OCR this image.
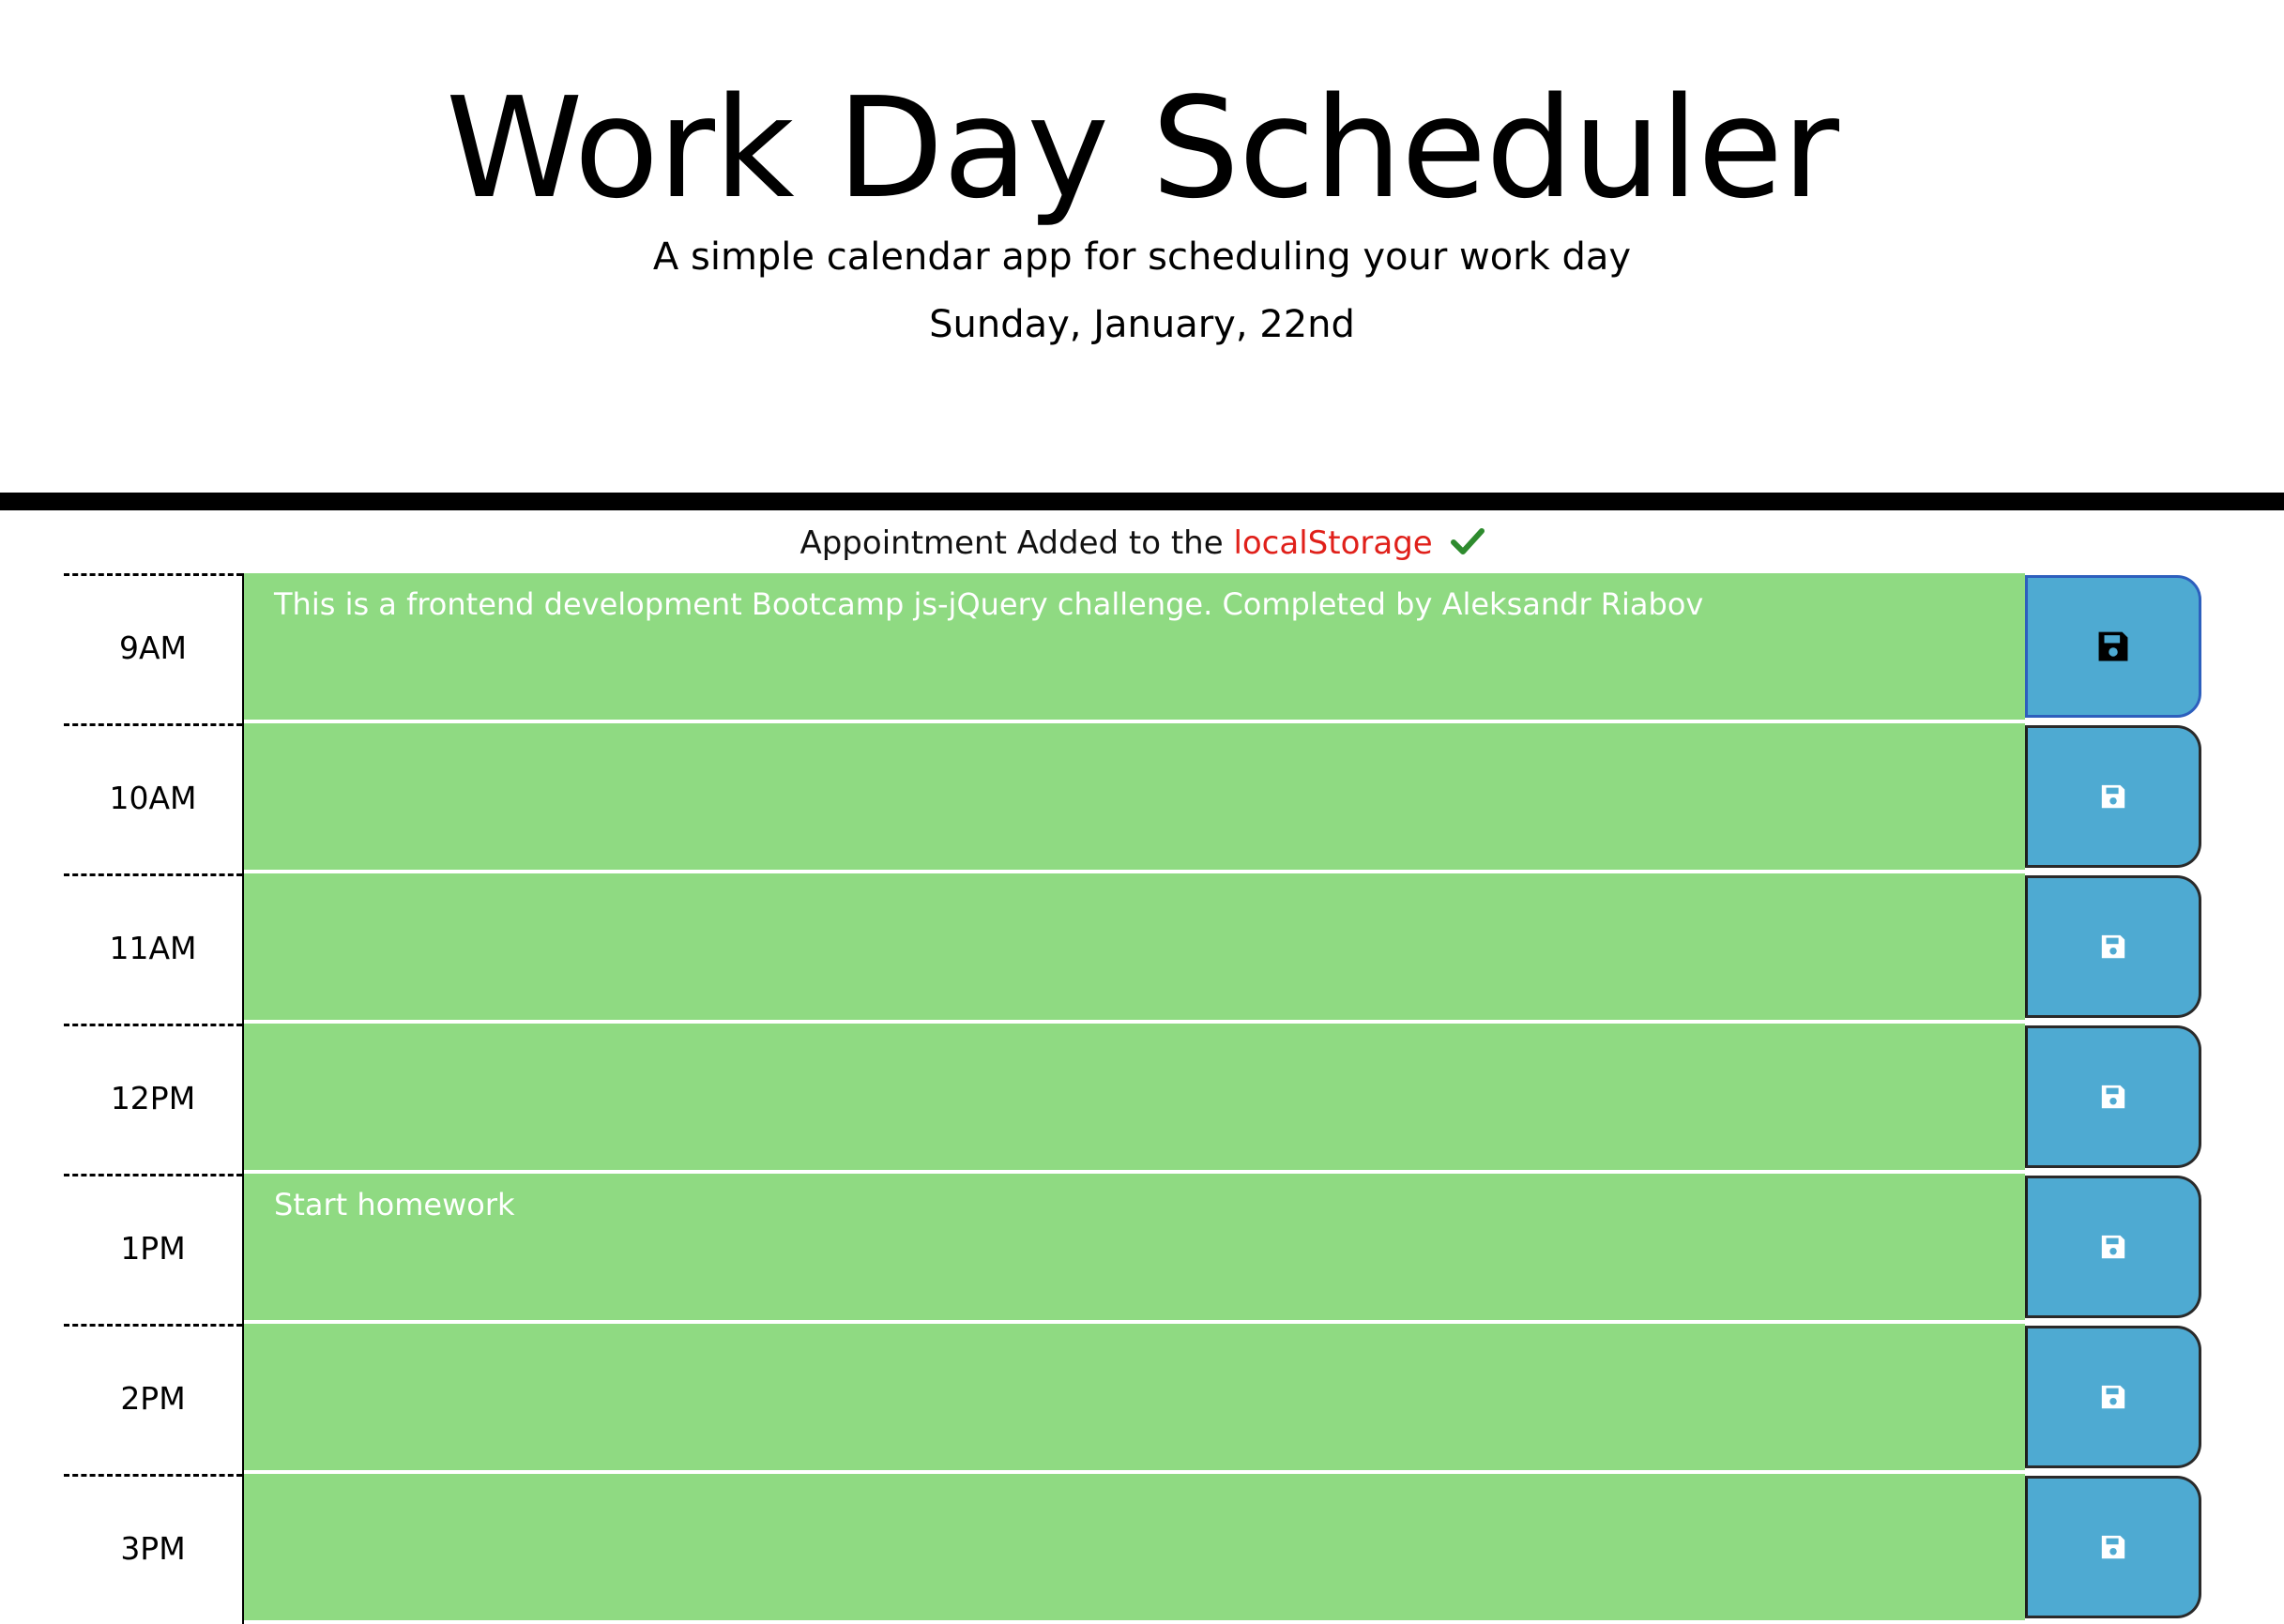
Work Day Scheduler

A simple calendar app for scheduling your work day

Sunday, January, 22nd

Appointment Added to the localStorage
9AM
This is a frontend development Bootcamp js-jQuery challenge. Completed by Aleksandr Riabov
10AM
11AM
12PM
1PM
Start homework
2PM
3PM
